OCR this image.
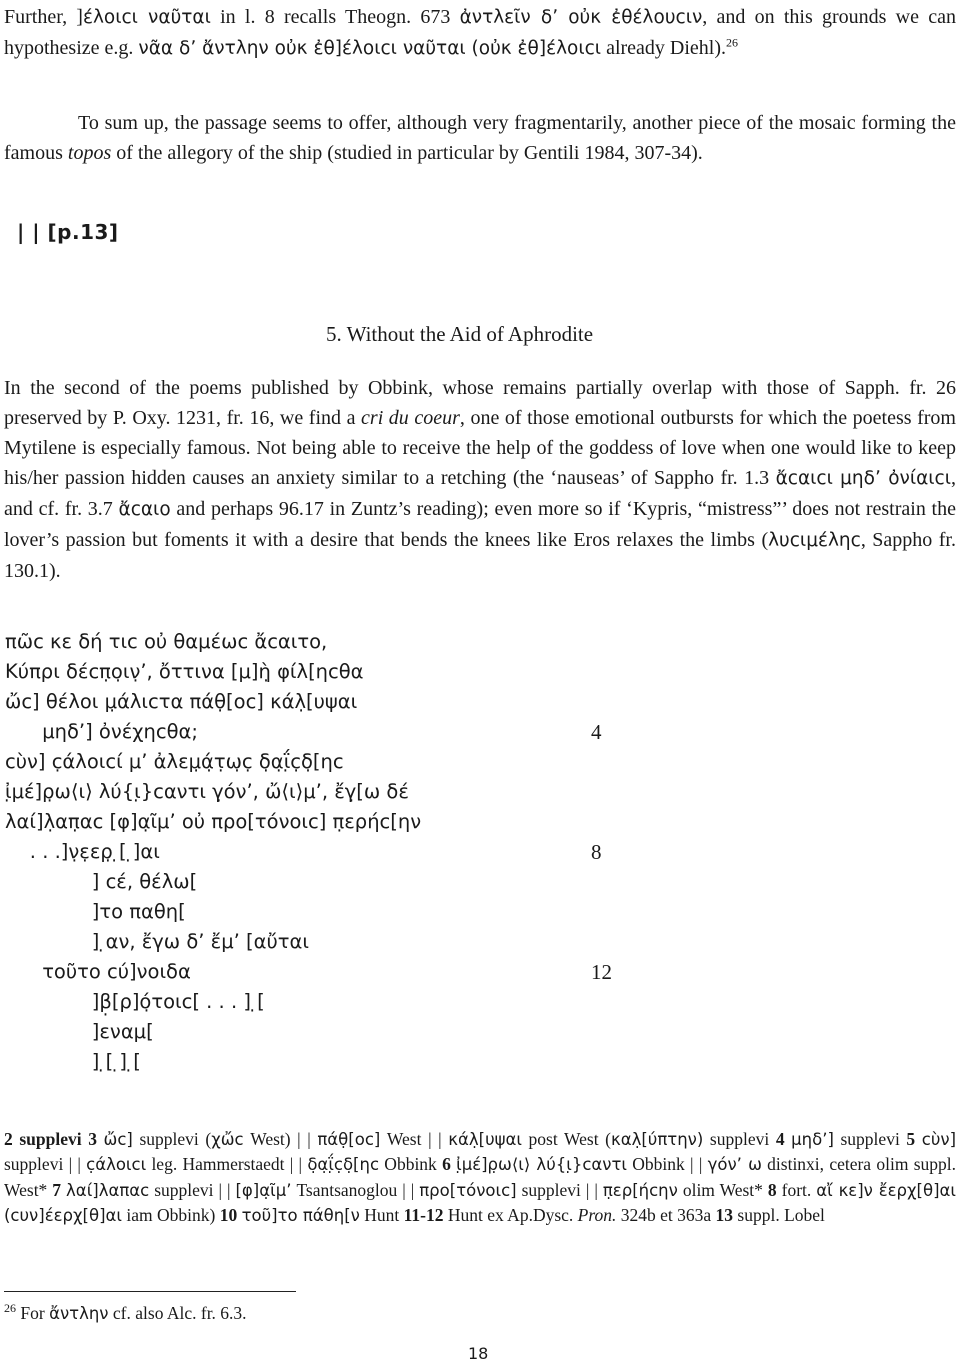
Further, ]έλοιϲι ναῦται in l. 8 recalls Theogn. 673 ἀντλεῖν δʼ οὐκ ἐθέλουϲιν, and on this grounds we can hypothesize e.g. νᾶα δʼ ἄντλην οὐκ ἐθ]έλοιϲι ναῦται (οὐκ ἐθ]έλοιϲι already Diehl).$^{26}$

To sum up, the passage seems to offer, although very fragmentarily, another piece of the mosaic forming the famous topos of the allegory of the ship (studied in particular by Gentili 1984, 307-34).

| | [p.13]
5. Without the Aid of Aphrodite

In the second of the poems published by Obbink, whose remains partially overlap with those of Sapph. fr. 26 preserved by P. Oxy. 1231, fr. 16, we find a cri du coeur, one of those emotional outbursts for which the poetess from Mytilene is especially famous. Not being able to receive the help of the goddess of love when one would like to keep his/her passion hidden causes an anxiety similar to a retching (the ‘nauseas’ of Sappho fr. 1.3 ἄϲαιϲι μηδʼ ὀνίαιϲι, and cf. fr. 3.7 ἄϲαιο and perhaps 96.17 in Zuntz’s reading); even more so if ‘Kypris, “mistress”’ does not restrain the lover’s passion but foments it with a desire that bends the knees like Eros relaxes the limbs (λυϲιμέληϲ, Sappho fr. 130.1).

πῶϲ κε δή τιϲ οὐ θαμέωϲ ἄϲαιτο,
Κύπρι δέϲπ̣ο̣ιν̣ʼ, ὄττινα [μ]ὴ̣ φίλ[ηϲθα
ὤϲ] θέλοι μ̣άλιϲτα πάθ̣[οϲ] κάλ̣[υψαι
μηδʼ] ὀνέχηϲθα;	4
ϲὺν] ϲ̣άλοιϲί μʼ ἀλεμ̣ά̣τ̣ω̣ϲ̣ δ̣α̣ΐ̣ϲ̣δ̣[ηϲ
ἰ̣μέ]ρ̣ω⟨ι⟩ λύ{ι̣}ϲαντι γ̣όν’, ὤ⟨ι⟩μ’, ἔγ̣[ω δέ
λαί]λ̣απ̣αϲ [φ]α̣ῖμ’ οὐ προ[τόνοιϲ] π̣ερήϲ[ην
. . .]ν̣ε̣ερ̣ ̣[ ̣]αι	8
] ϲέ, θέλω[
]το παθη[
] ̣αν, ἔγω δʼ ἔμʼ [αὔται
τοῦτο ϲύ]νοιδα	12
]β̣[ρ]ό̣τοιϲ[ . . . ] ̣[
]εναμ[
] ̣[ ̣] ̣[

2 supplevi 3 ὤϲ] supplevi (χὤϲ West) | | πάθ̣[οϲ] West | | κάλ̣[υψαι post West (καλ̣[ύπτην) supplevi 4 μηδʼ] supplevi 5 ϲὺν] supplevi | | ϲ̣άλοιϲι leg. Hammerstaedt | | δ̣α̣ΐ̣ϲ̣δ̣[ηϲ Obbink 6 ἰ̣μέ]ρ̣ω⟨ι⟩ λύ{ι̣}ϲαντι Obbink | | γόν’ ω distinxi, cetera olim suppl. West* 7 λαί]λαπαϲ supplevi | | [φ]α̣ῖμ’ Tsantsanoglou | | προ[τόνοιϲ] supplevi | | π̣ερ[ήϲην olim West* 8 fort. αἴ κε]ν ἔερχ[θ]αι (ϲυν]έερχ[θ]αι iam Obbink) 10 τοῦ]το πάθη[ν Hunt 11-12 Hunt ex Ap.Dysc. Pron. 324b et 363a 13 suppl. Lobel

$^{26}$ For ἄντλην cf. also Alc. fr. 6.3.
18
